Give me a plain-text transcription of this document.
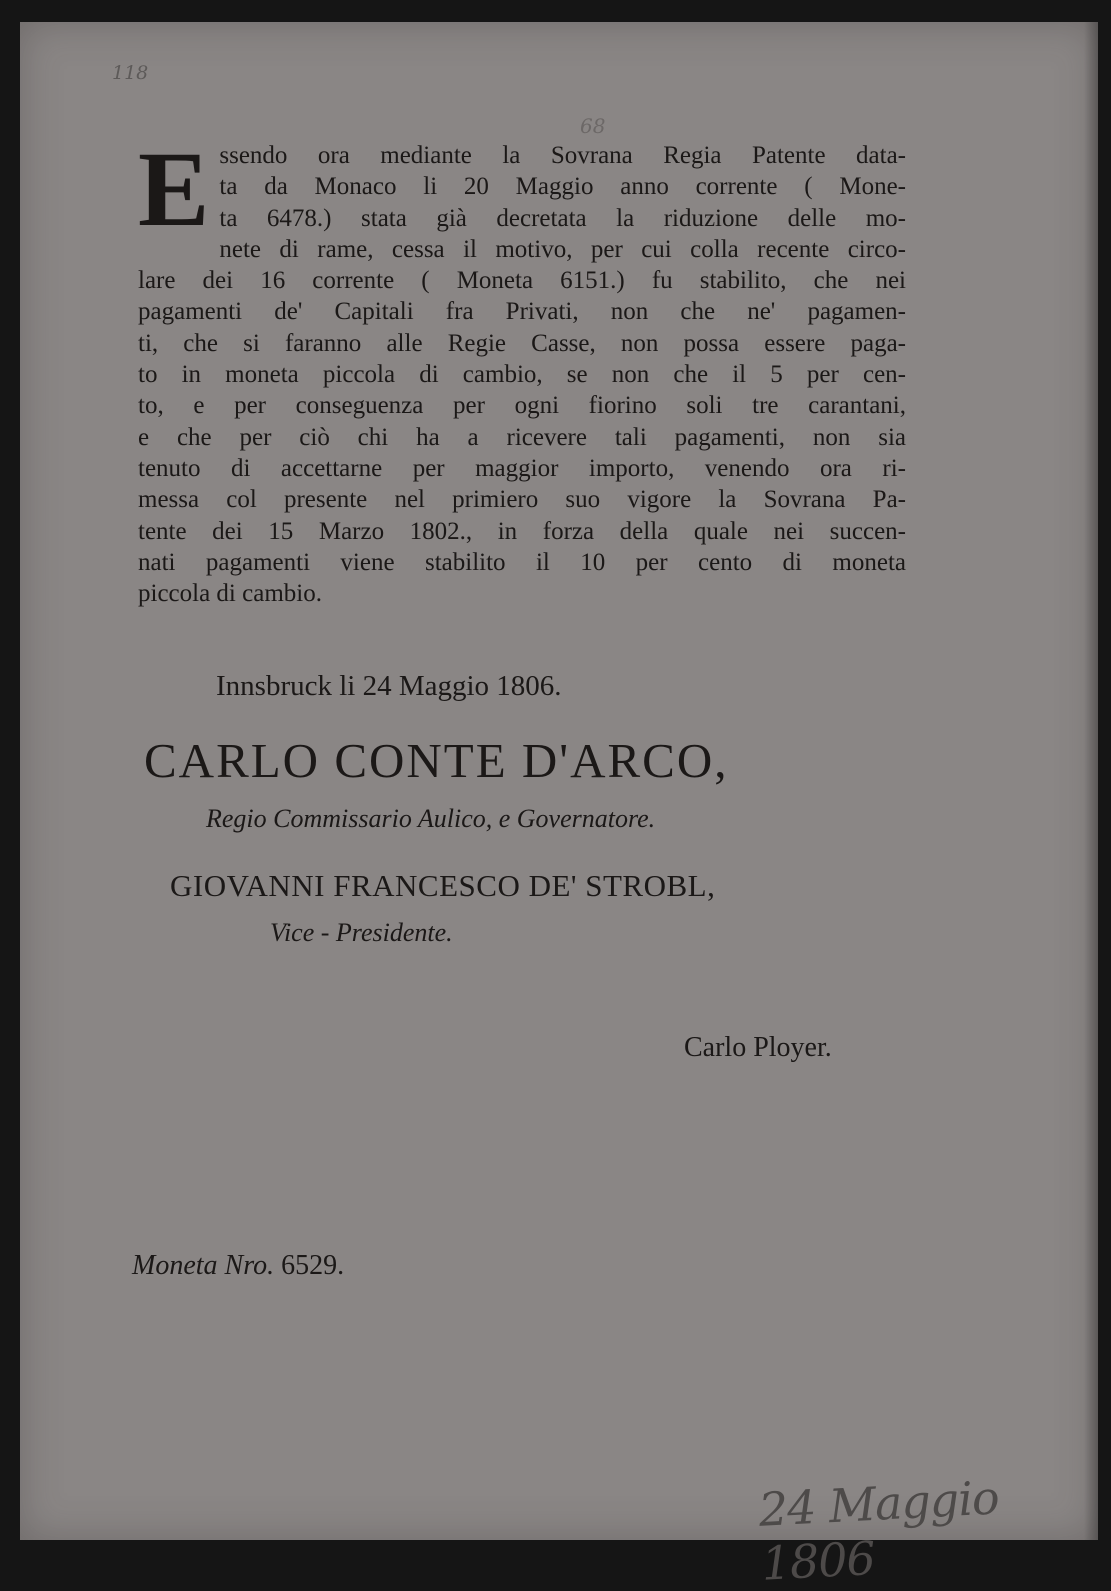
118
68
E ssendo ora mediante la Sovrana Regia Patente data-
ta da Monaco li 20 Maggio anno corrente ( Mone-
ta 6478.) stata già decretata la riduzione delle mo-
nete di rame, cessa il motivo, per cui colla recente circo-
lare dei 16 corrente ( Moneta 6151.) fu stabilito, che nei
pagamenti de' Capitali fra Privati, non che ne' pagamen-
ti, che si faranno alle Regie Casse, non possa essere paga-
to in moneta piccola di cambio, se non che il 5 per cen-
to, e per conseguenza per ogni fiorino soli tre carantani,
e che per ciò chi ha a ricevere tali pagamenti, non sia
tenuto di accettarne per maggior importo, venendo ora ri-
messa col presente nel primiero suo vigore la Sovrana Pa-
tente dei 15 Marzo 1802., in forza della quale nei succen-
nati pagamenti viene stabilito il 10 per cento di moneta
piccola di cambio.
Innsbruck li 24 Maggio 1806.
CARLO CONTE D'ARCO,
Regio Commissario Aulico, e Governatore.
GIOVANNI FRANCESCO DE' STROBL,
Vice - Presidente.
Carlo Ployer.
Moneta Nro. 6529.
24 Maggio 1806
